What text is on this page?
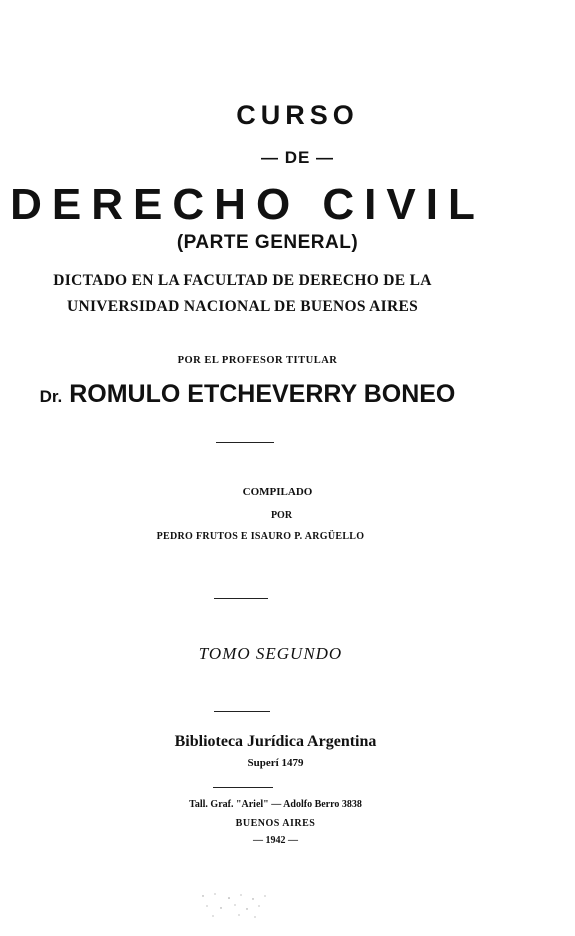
CURSO
— DE —
DERECHO CIVIL
(PARTE GENERAL)
DICTADO EN LA FACULTAD DE DERECHO DE LA
UNIVERSIDAD NACIONAL DE BUENOS AIRES
POR EL PROFESOR TITULAR
Dr. ROMULO ETCHEVERRY BONEO
COMPILADO
POR
PEDRO FRUTOS E ISAURO P. ARGÜELLO
TOMO SEGUNDO
Biblioteca Jurídica Argentina
Superí 1479
Tall. Graf. "Ariel" — Adolfo Berro 3838
BUENOS AIRES
— 1942 —
